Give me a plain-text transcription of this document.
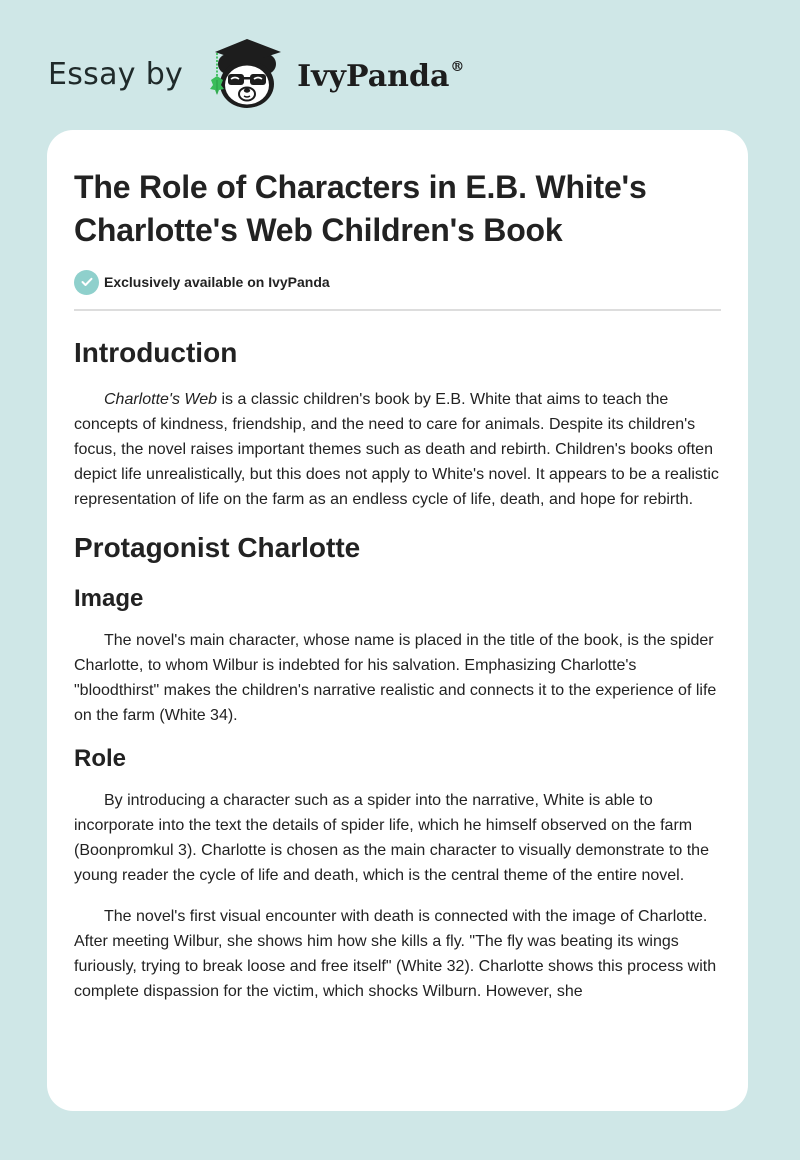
Essay by	IvyPanda®
The Role of Characters in E.B. White's Charlotte's Web Children's Book
Exclusively available on IvyPanda
Introduction

Charlotte's Web is a classic children's book by E.B. White that aims to teach the concepts of kindness, friendship, and the need to care for animals. Despite its children's focus, the novel raises important themes such as death and rebirth. Children's books often depict life unrealistically, but this does not apply to White's novel. It appears to be a realistic representation of life on the farm as an endless cycle of life, death, and hope for rebirth.

Protagonist Charlotte
Image

The novel's main character, whose name is placed in the title of the book, is the spider Charlotte, to whom Wilbur is indebted for his salvation. Emphasizing Charlotte's "bloodthirst" makes the children's narrative realistic and connects it to the experience of life on the farm (White 34).

Role

By introducing a character such as a spider into the narrative, White is able to incorporate into the text the details of spider life, which he himself observed on the farm (Boonpromkul 3). Charlotte is chosen as the main character to visually demonstrate to the young reader the cycle of life and death, which is the central theme of the entire novel.

The novel's first visual encounter with death is connected with the image of Charlotte. After meeting Wilbur, she shows him how she kills a fly. "The fly was beating its wings furiously, trying to break loose and free itself" (White 32). Charlotte shows this process with complete dispassion for the victim, which shocks Wilburn. However, she
